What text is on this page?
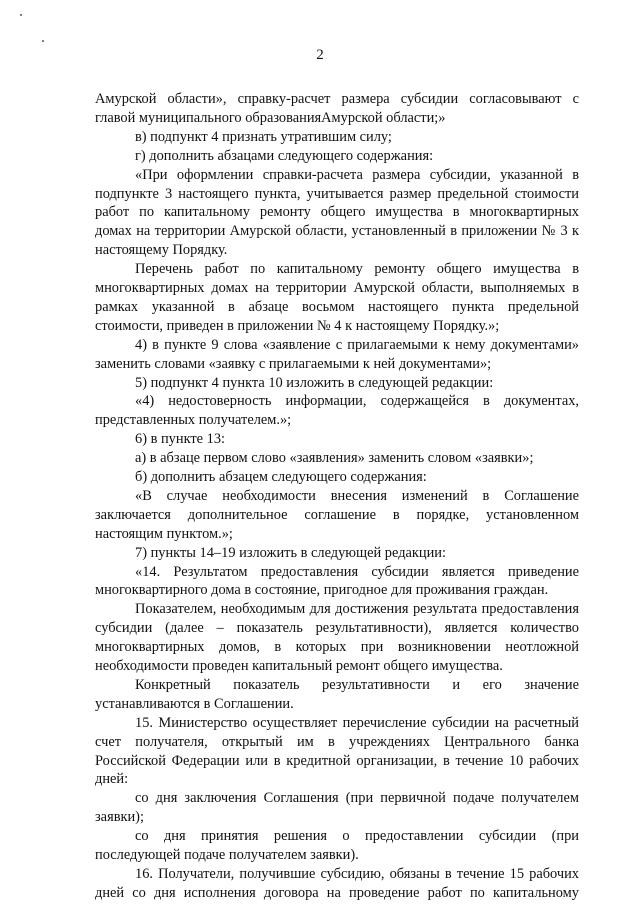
2
Амурской области», справку-расчет размера субсидии согласовывают с
главой муниципального образованияАмурской области;»
в) подпункт 4 признать утратившим силу;
г) дополнить абзацами следующего содержания:
«При оформлении справки-расчета размера субсидии, указанной в
подпункте 3 настоящего пункта, учитывается размер предельной стоимости
работ по капитальному ремонту общего имущества в многоквартирных
домах на территории Амурской области, установленный в приложении № 3 к
настоящему Порядку.
Перечень работ по капитальному ремонту общего имущества в
многоквартирных домах на территории Амурской области, выполняемых в
рамках указанной в абзаце восьмом настоящего пункта предельной
стоимости, приведен в приложении № 4 к настоящему Порядку.»;
4) в пункте 9 слова «заявление с прилагаемыми к нему документами»
заменить словами «заявку с прилагаемыми к ней документами»;
5) подпункт 4 пункта 10 изложить в следующей редакции:
«4) недостоверность информации, содержащейся в документах,
представленных получателем.»;
6) в пункте 13:
а) в абзаце первом слово «заявления» заменить словом «заявки»;
б) дополнить абзацем следующего содержания:
«В случае необходимости внесения изменений в Соглашение
заключается дополнительное соглашение в порядке, установленном
настоящим пунктом.»;
7) пункты 14–19 изложить в следующей редакции:
«14. Результатом предоставления субсидии является приведение
многоквартирного дома в состояние, пригодное для проживания граждан.
Показателем, необходимым для достижения результата предоставления
субсидии (далее – показатель результативности), является количество
многоквартирных домов, в которых при возникновении неотложной
необходимости проведен капитальный ремонт общего имущества.
Конкретный показатель результативности и его значение
устанавливаются в Соглашении.
15. Министерство осуществляет перечисление субсидии на расчетный
счет получателя, открытый им в учреждениях Центрального банка
Российской Федерации или в кредитной организации, в течение 10 рабочих
дней:
со дня заключения Соглашения (при первичной подаче получателем
заявки);
со дня принятия решения о предоставлении субсидии (при
последующей подаче получателем заявки).
16. Получатели, получившие субсидию, обязаны в течение 15 рабочих
дней со дня исполнения договора на проведение работ по капитальному
